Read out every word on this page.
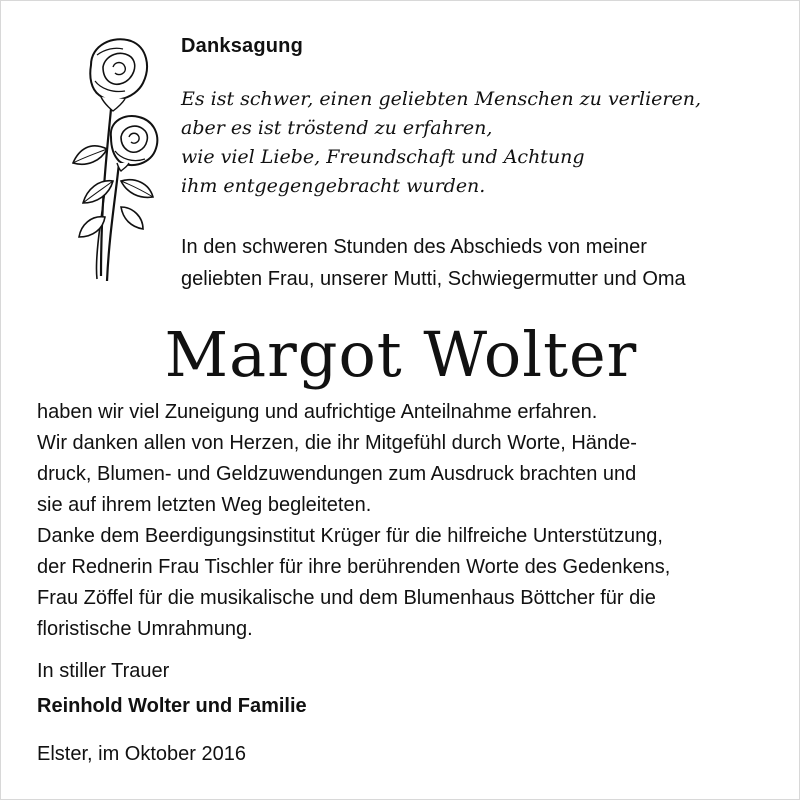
Danksagung
Es ist schwer, einen geliebten Menschen zu verlieren,
aber es ist tröstend zu erfahren,
wie viel Liebe, Freundschaft und Achtung
ihm entgegengebracht wurden.
In den schweren Stunden des Abschieds von meiner
geliebten Frau, unserer Mutti, Schwiegermutter und Oma
Margot Wolter
haben wir viel Zuneigung und aufrichtige Anteilnahme erfahren.
Wir danken allen von Herzen, die ihr Mitgefühl durch Worte, Hände-
druck, Blumen- und Geldzuwendungen zum Ausdruck brachten und
sie auf ihrem letzten Weg begleiteten.
Danke dem Beerdigungsinstitut Krüger für die hilfreiche Unterstützung,
der Rednerin Frau Tischler für ihre berührenden Worte des Gedenkens,
Frau Zöffel für die musikalische und dem Blumenhaus Böttcher für die
floristische Umrahmung.
In stiller Trauer
Reinhold Wolter und Familie
Elster, im Oktober 2016
